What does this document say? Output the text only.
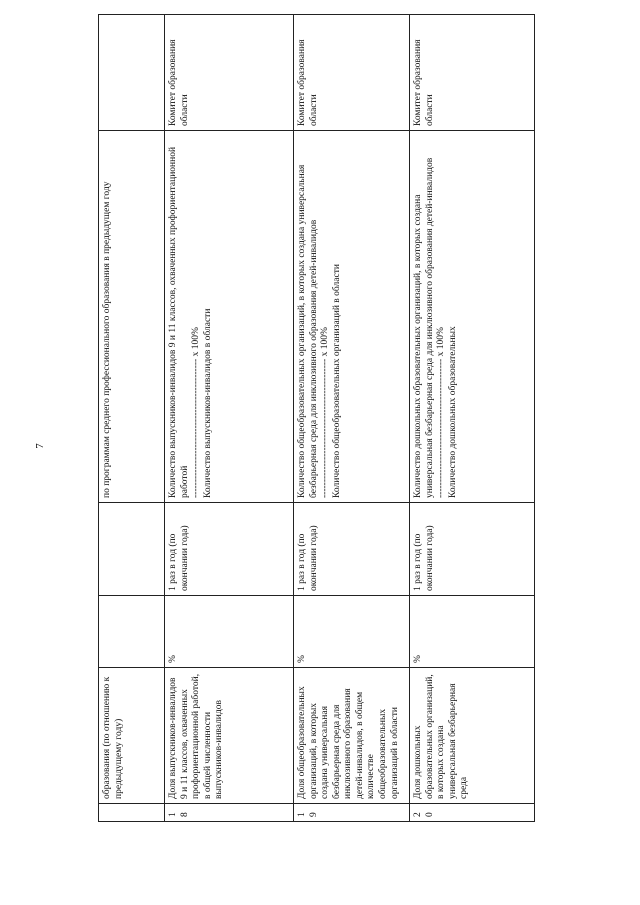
7
	образования (по отношению к предыдущему году)			по программам среднего профессионального образования в предыдущем году	

18	Доля выпускников-инвалидов 9 и 11 классов, охваченных профориентационной работой, в общей численности выпускников-инвалидов	%	1 раз в год (по окончании года)	Количество выпускников-инвалидов 9 и 11 классов, охваченных профориентационной работой -------------------------------------------- х 100% Количество выпускников-инвалидов в области	Комитет образования области
19	Доля общеобразовательных организаций, в которых создана универсальная безбарьерная среда для инклюзивного образования детей-инвалидов, в общем количестве общеобразовательных организаций в области	%	1 раз в год (по окончании года)	Количество общеобразовательных организаций, в которых создана универсальная безбарьерная среда для инклюзивного образования детей-инвалидов -------------------------------------------- х 100% Количество общеобразовательных организаций в области	Комитет образования области
20	Доля дошкольных образовательных организаций, в которых создана универсальная безбарьерная среда	%	1 раз в год (по окончании года)	Количество дошкольных образовательных организаций, в которых создана универсальная безбарьерная среда для инклюзивного образования детей-инвалидов -------------------------------------------- х 100% Количество дошкольных образовательных	Комитет образования области
